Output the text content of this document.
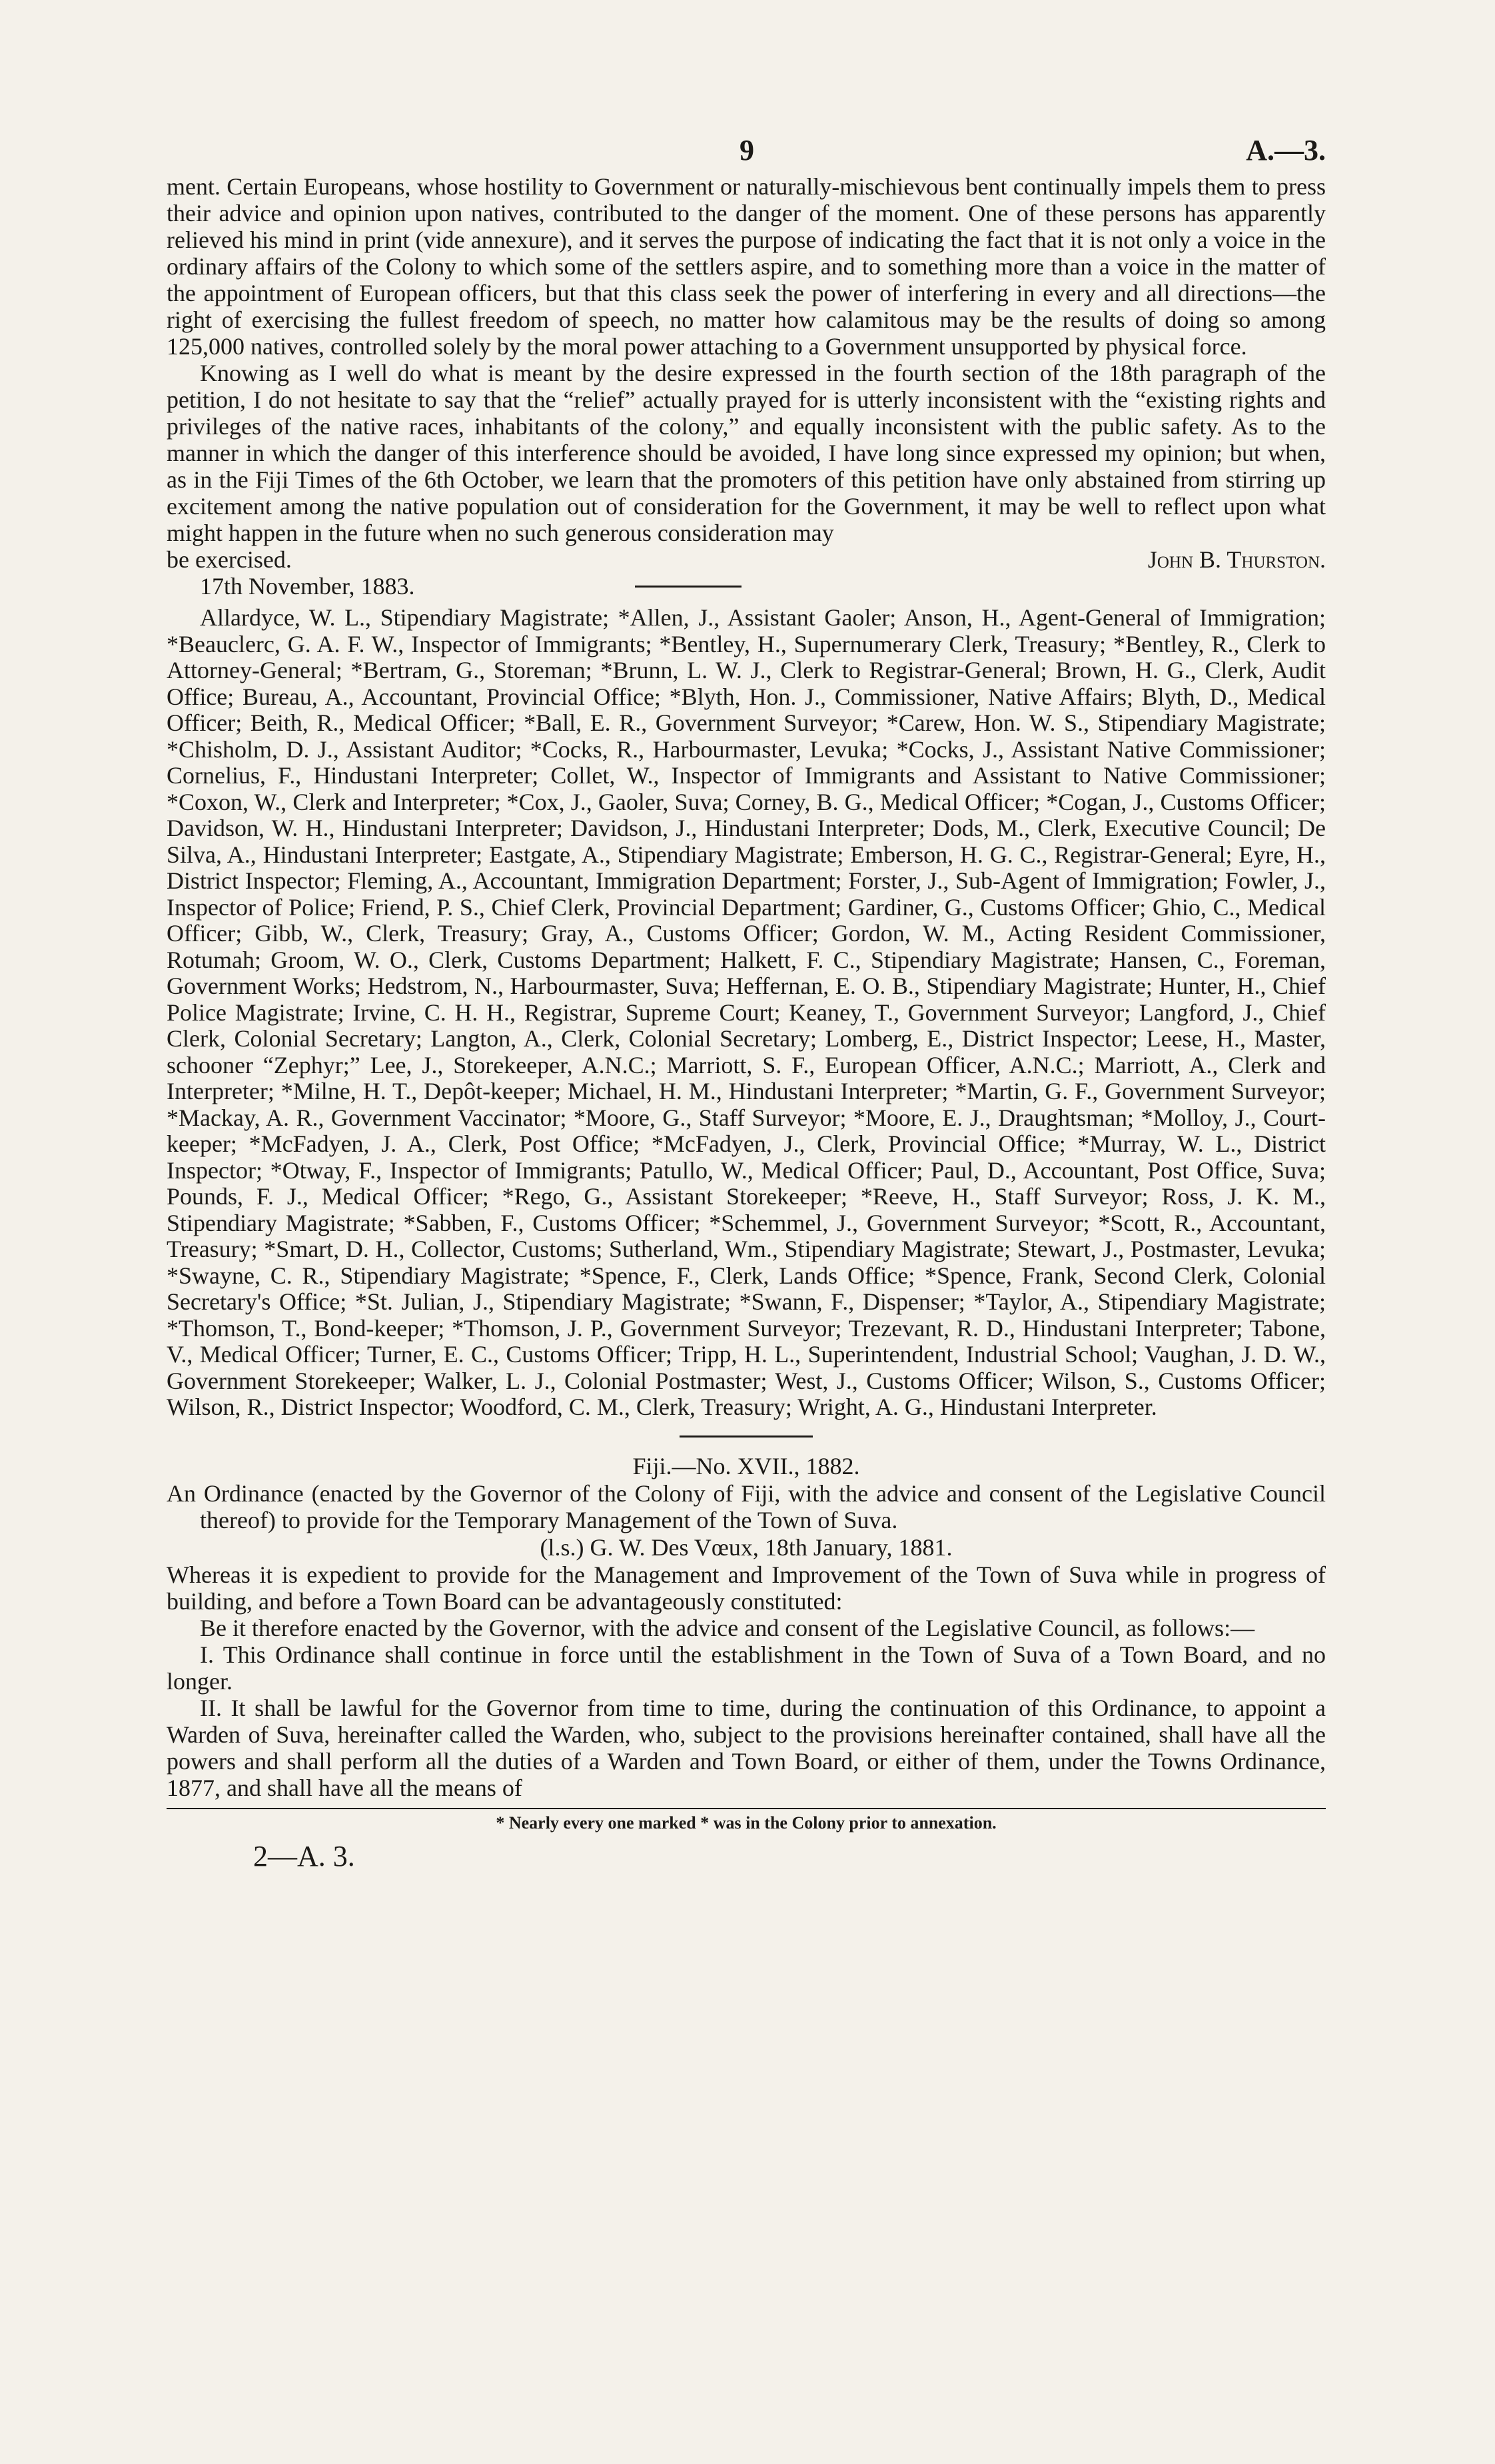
9	A.—3.

ment. Certain Europeans, whose hostility to Government or naturally-mischievous bent continually impels them to press their advice and opinion upon natives, contributed to the danger of the moment. One of these persons has apparently relieved his mind in print (vide annexure), and it serves the purpose of indicating the fact that it is not only a voice in the ordinary affairs of the Colony to which some of the settlers aspire, and to something more than a voice in the matter of the appointment of European officers, but that this class seek the power of interfering in every and all directions—the right of exercising the fullest freedom of speech, no matter how calamitous may be the results of doing so among 125,000 natives, controlled solely by the moral power attaching to a Government unsupported by physical force.

Knowing as I well do what is meant by the desire expressed in the fourth section of the 18th paragraph of the petition, I do not hesitate to say that the “relief” actually prayed for is utterly inconsistent with the “existing rights and privileges of the native races, inhabitants of the colony,” and equally inconsistent with the public safety. As to the manner in which the danger of this interference should be avoided, I have long since expressed my opinion; but when, as in the Fiji Times of the 6th October, we learn that the promoters of this petition have only abstained from stirring up excitement among the native population out of consideration for the Government, it may be well to reflect upon what might happen in the future when no such generous consideration may

be exercised.	John B. Thurston.
17th November, 1883.

Allardyce, W. L., Stipendiary Magistrate; *Allen, J., Assistant Gaoler; Anson, H., Agent-General of Immigration; *Beauclerc, G. A. F. W., Inspector of Immigrants; *Bentley, H., Supernumerary Clerk, Treasury; *Bentley, R., Clerk to Attorney-General; *Bertram, G., Storeman; *Brunn, L. W. J., Clerk to Registrar-General; Brown, H. G., Clerk, Audit Office; Bureau, A., Accountant, Provincial Office; *Blyth, Hon. J., Commissioner, Native Affairs; Blyth, D., Medical Officer; Beith, R., Medical Officer; *Ball, E. R., Government Surveyor; *Carew, Hon. W. S., Stipendiary Magistrate; *Chisholm, D. J., Assistant Auditor; *Cocks, R., Harbourmaster, Levuka; *Cocks, J., Assistant Native Commissioner; Cornelius, F., Hindustani Interpreter; Collet, W., Inspector of Immigrants and Assistant to Native Commissioner; *Coxon, W., Clerk and Interpreter; *Cox, J., Gaoler, Suva; Corney, B. G., Medical Officer; *Cogan, J., Customs Officer; Davidson, W. H., Hindustani Interpreter; Davidson, J., Hindustani Interpreter; Dods, M., Clerk, Executive Council; De Silva, A., Hindustani Interpreter; Eastgate, A., Stipendiary Magistrate; Emberson, H. G. C., Registrar-General; Eyre, H., District Inspector; Fleming, A., Accountant, Immigration Department; Forster, J., Sub-Agent of Immigration; Fowler, J., Inspector of Police; Friend, P. S., Chief Clerk, Provincial Department; Gardiner, G., Customs Officer; Ghio, C., Medical Officer; Gibb, W., Clerk, Treasury; Gray, A., Customs Officer; Gordon, W. M., Acting Resident Commissioner, Rotumah; Groom, W. O., Clerk, Customs Department; Halkett, F. C., Stipendiary Magistrate; Hansen, C., Foreman, Government Works; Hedstrom, N., Harbourmaster, Suva; Heffernan, E. O. B., Stipendiary Magistrate; Hunter, H., Chief Police Magistrate; Irvine, C. H. H., Registrar, Supreme Court; Keaney, T., Government Surveyor; Langford, J., Chief Clerk, Colonial Secretary; Langton, A., Clerk, Colonial Secretary; Lomberg, E., District Inspector; Leese, H., Master, schooner “Zephyr;” Lee, J., Storekeeper, A.N.C.; Marriott, S. F., European Officer, A.N.C.; Marriott, A., Clerk and Interpreter; *Milne, H. T., Depôt-keeper; Michael, H. M., Hindustani Interpreter; *Martin, G. F., Government Surveyor; *Mackay, A. R., Government Vaccinator; *Moore, G., Staff Surveyor; *Moore, E. J., Draughtsman; *Molloy, J., Court-keeper; *McFadyen, J. A., Clerk, Post Office; *McFadyen, J., Clerk, Provincial Office; *Murray, W. L., District Inspector; *Otway, F., Inspector of Immigrants; Patullo, W., Medical Officer; Paul, D., Accountant, Post Office, Suva; Pounds, F. J., Medical Officer; *Rego, G., Assistant Storekeeper; *Reeve, H., Staff Surveyor; Ross, J. K. M., Stipendiary Magistrate; *Sabben, F., Customs Officer; *Schemmel, J., Government Surveyor; *Scott, R., Accountant, Treasury; *Smart, D. H., Collector, Customs; Sutherland, Wm., Stipendiary Magistrate; Stewart, J., Postmaster, Levuka; *Swayne, C. R., Stipendiary Magistrate; *Spence, F., Clerk, Lands Office; *Spence, Frank, Second Clerk, Colonial Secretary's Office; *St. Julian, J., Stipendiary Magistrate; *Swann, F., Dispenser; *Taylor, A., Stipendiary Magistrate; *Thomson, T., Bond-keeper; *Thomson, J. P., Government Surveyor; Trezevant, R. D., Hindustani Interpreter; Tabone, V., Medical Officer; Turner, E. C., Customs Officer; Tripp, H. L., Superintendent, Industrial School; Vaughan, J. D. W., Government Storekeeper; Walker, L. J., Colonial Postmaster; West, J., Customs Officer; Wilson, S., Customs Officer; Wilson, R., District Inspector; Woodford, C. M., Clerk, Treasury; Wright, A. G., Hindustani Interpreter.

Fiji.—No. XVII., 1882.

An Ordinance (enacted by the Governor of the Colony of Fiji, with the advice and consent of the Legislative Council thereof) to provide for the Temporary Management of the Town of Suva.

(l.s.) G. W. Des Vœux, 18th January, 1881.

Whereas it is expedient to provide for the Management and Improvement of the Town of Suva while in progress of building, and before a Town Board can be advantageously constituted:

Be it therefore enacted by the Governor, with the advice and consent of the Legislative Council, as follows:—

I. This Ordinance shall continue in force until the establishment in the Town of Suva of a Town Board, and no longer.

II. It shall be lawful for the Governor from time to time, during the continuation of this Ordinance, to appoint a Warden of Suva, hereinafter called the Warden, who, subject to the provisions hereinafter contained, shall have all the powers and shall perform all the duties of a Warden and Town Board, or either of them, under the Towns Ordinance, 1877, and shall have all the means of

* Nearly every one marked * was in the Colony prior to annexation.
2—A. 3.
